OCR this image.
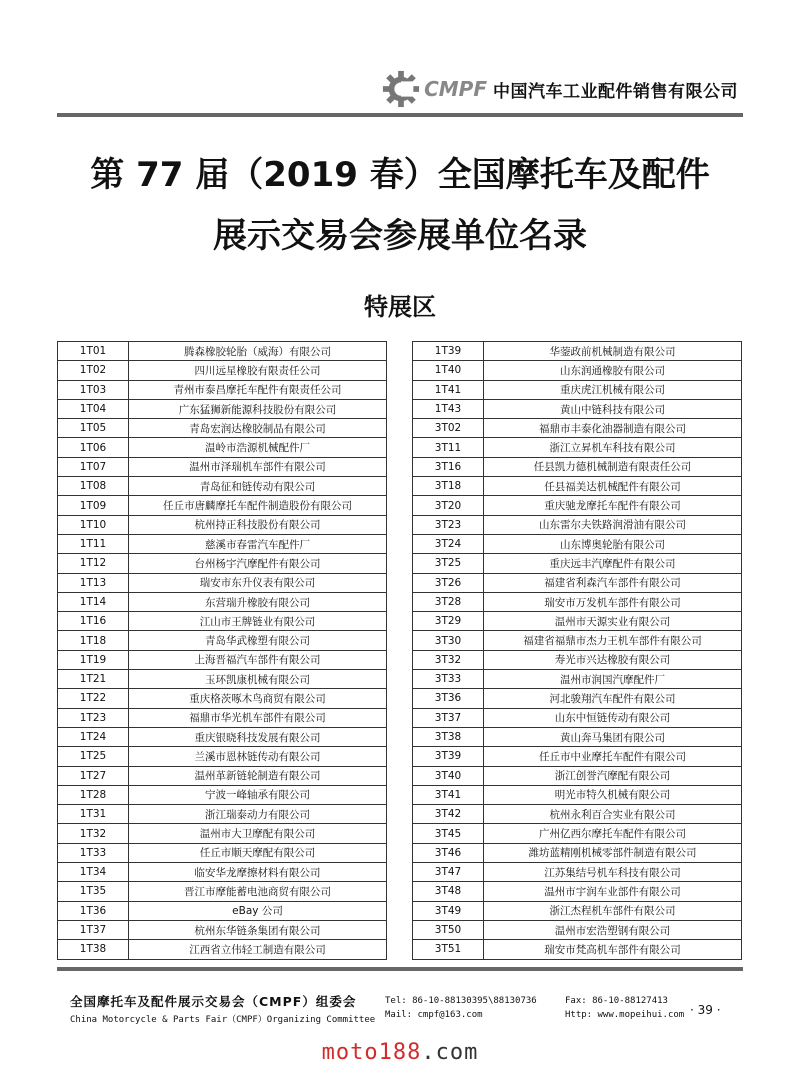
CMPF 中国汽车工业配件销售有限公司
第 77 届（2019 春）全国摩托车及配件
展示交易会参展单位名录
特展区
1T01	腾森橡胶轮胎（威海）有限公司
1T02	四川远星橡胶有限责任公司
1T03	青州市泰昌摩托车配件有限责任公司
1T04	广东猛狮新能源科技股份有限公司
1T05	青岛宏润达橡胶制品有限公司
1T06	温岭市浩源机械配件厂
1T07	温州市泽瑞机车部件有限公司
1T08	青岛征和链传动有限公司
1T09	任丘市唐麟摩托车配件制造股份有限公司
1T10	杭州持正科技股份有限公司
1T11	慈溪市春雷汽车配件厂
1T12	台州杨宇汽摩配件有限公司
1T13	瑞安市东升仪表有限公司
1T14	东营瑞升橡胶有限公司
1T16	江山市王牌链业有限公司
1T18	青岛华武橡塑有限公司
1T19	上海晋福汽车部件有限公司
1T21	玉环凯康机械有限公司
1T22	重庆格茨啄木鸟商贸有限公司
1T23	福鼎市华光机车部件有限公司
1T24	重庆银晓科技发展有限公司
1T25	兰溪市恩林链传动有限公司
1T27	温州革新链轮制造有限公司
1T28	宁波一峰轴承有限公司
1T31	浙江瑞泰动力有限公司
1T32	温州市大卫摩配有限公司
1T33	任丘市顺天摩配有限公司
1T34	临安华龙摩擦材料有限公司
1T35	晋江市摩能蓄电池商贸有限公司
1T36	eBay 公司
1T37	杭州东华链条集团有限公司
1T38	江西省立伟轻工制造有限公司
1T39	华蓥政前机械制造有限公司
1T40	山东润通橡胶有限公司
1T41	重庆虎江机械有限公司
1T43	黄山中链科技有限公司
3T02	福鼎市丰泰化油器制造有限公司
3T11	浙江立昇机车科技有限公司
3T16	任县凯力德机械制造有限责任公司
3T18	任县福美达机械配件有限公司
3T20	重庆驰龙摩托车配件有限公司
3T23	山东雷尔夫铁路润滑油有限公司
3T24	山东博奥轮胎有限公司
3T25	重庆远丰汽摩配件有限公司
3T26	福建省利森汽车部件有限公司
3T28	瑞安市万发机车部件有限公司
3T29	温州市天源实业有限公司
3T30	福建省福鼎市杰力王机车部件有限公司
3T32	寿光市兴达橡胶有限公司
3T33	温州市润国汽摩配件厂
3T36	河北骏翔汽车配件有限公司
3T37	山东中恒链传动有限公司
3T38	黄山奔马集团有限公司
3T39	任丘市中业摩托车配件有限公司
3T40	浙江创誉汽摩配有限公司
3T41	明光市特久机械有限公司
3T42	杭州永利百合实业有限公司
3T45	广州亿西尔摩托车配件有限公司
3T46	潍坊蓝精刚机械零部件制造有限公司
3T47	江苏集结号机车科技有限公司
3T48	温州市宇润车业部件有限公司
3T49	浙江杰程机车部件有限公司
3T50	温州市宏浩塑钢有限公司
3T51	瑞安市梵高机车部件有限公司
全国摩托车及配件展示交易会（CMPF）组委会
China Motorcycle & Parts Fair（CMPF）Organizing Committee
Tel: 86-10-88130395\88130736
Mail: cmpf@163.com
Fax: 86-10-88127413
Http: www.mopeihui.com · 39 ·
moto188.com
